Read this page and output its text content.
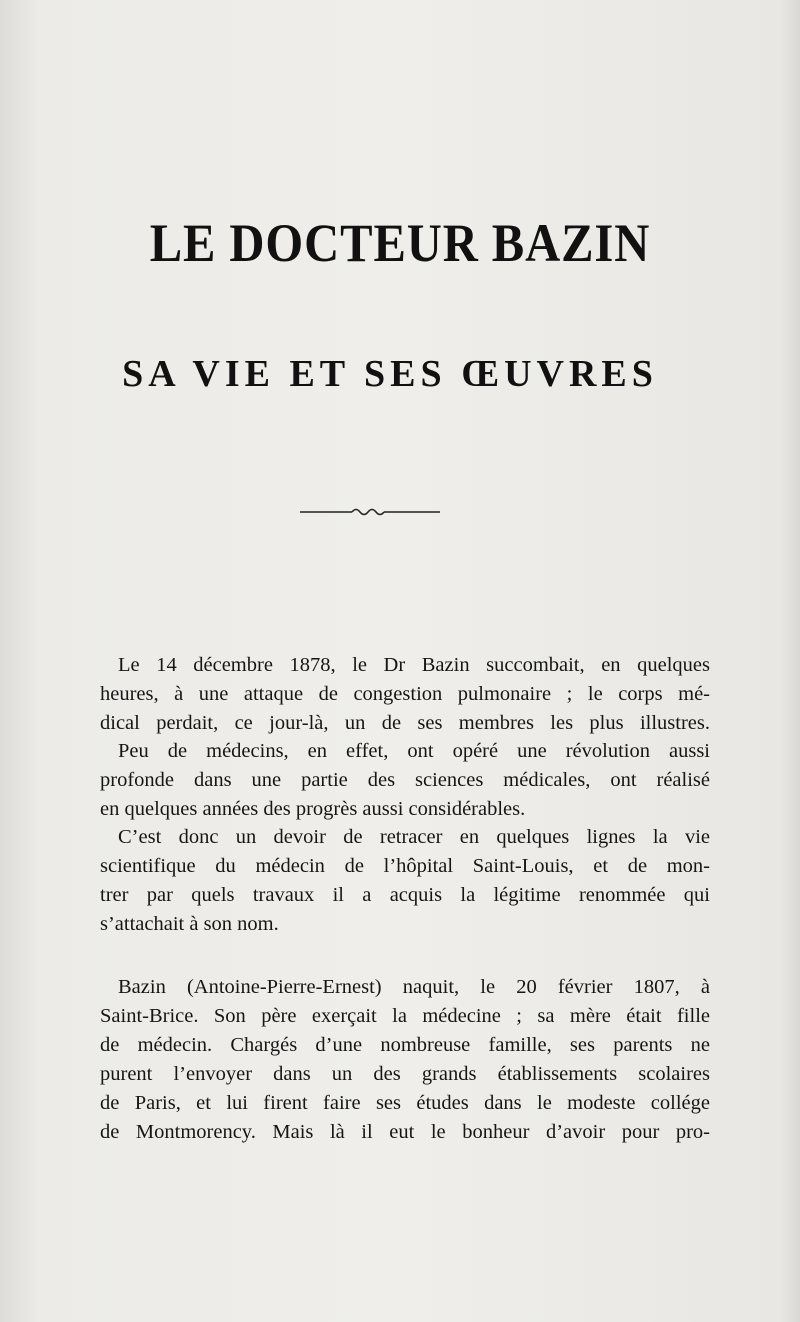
LE DOCTEUR BAZIN
SA VIE ET SES ŒUVRES
Le 14 décembre 1878, le Dr Bazin succombait, en quelques
heures, à une attaque de congestion pulmonaire ; le corps mé-
dical perdait, ce jour-là, un de ses membres les plus illustres.
Peu de médecins, en effet, ont opéré une révolution aussi
profonde dans une partie des sciences médicales, ont réalisé
en quelques années des progrès aussi considérables.
C’est donc un devoir de retracer en quelques lignes la vie
scientifique du médecin de l’hôpital Saint-Louis, et de mon-
trer par quels travaux il a acquis la légitime renommée qui
s’attachait à son nom.
Bazin (Antoine-Pierre-Ernest) naquit, le 20 février 1807, à
Saint-Brice. Son père exerçait la médecine ; sa mère était fille
de médecin. Chargés d’une nombreuse famille, ses parents ne
purent l’envoyer dans un des grands établissements scolaires
de Paris, et lui firent faire ses études dans le modeste collége
de Montmorency. Mais là il eut le bonheur d’avoir pour pro-
